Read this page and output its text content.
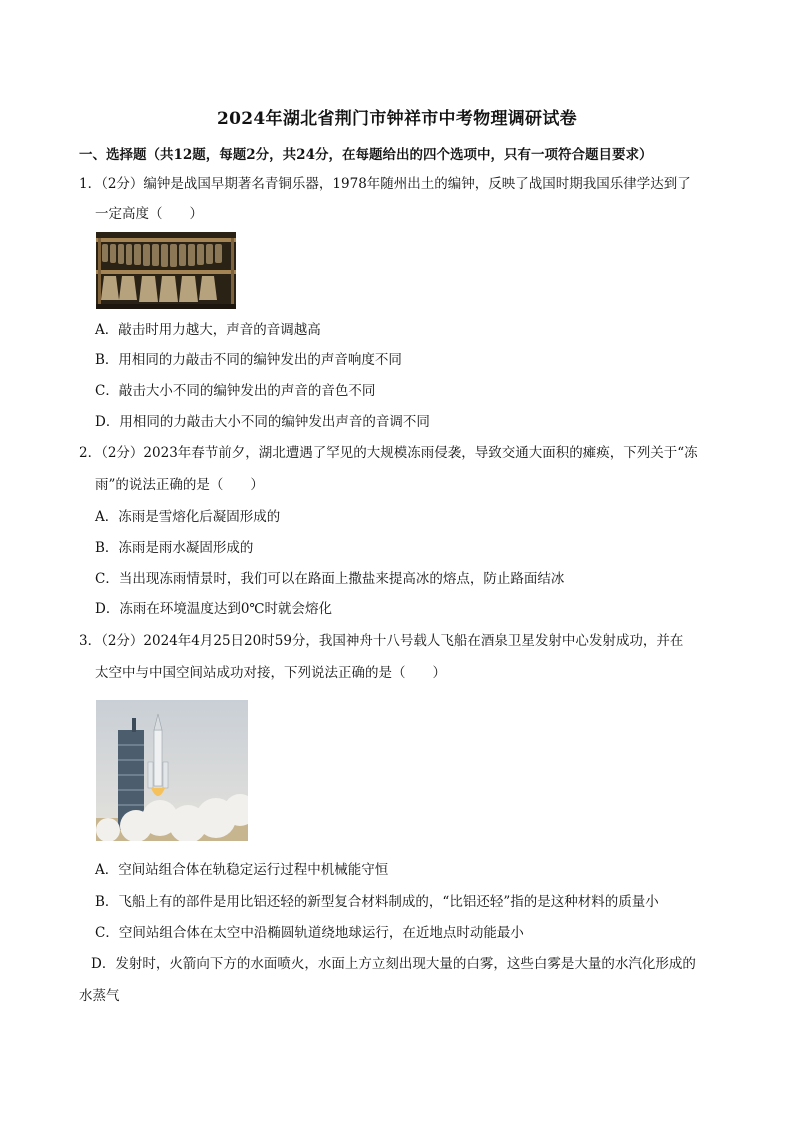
2024年湖北省荆门市钟祥市中考物理调研试卷
一、选择题（共12题，每题2分，共24分，在每题给出的四个选项中，只有一项符合题目要求）
1．（2分）编钟是战国早期著名青铜乐器，1978年随州出土的编钟，反映了战国时期我国乐律学达到了
一定高度（　　）
A．敲击时用力越大，声音的音调越高
B．用相同的力敲击不同的编钟发出的声音响度不同
C．敲击大小不同的编钟发出的声音的音色不同
D．用相同的力敲击大小不同的编钟发出声音的音调不同
2．（2分）2023年春节前夕，湖北遭遇了罕见的大规模冻雨侵袭，导致交通大面积的瘫痪，下列关于“冻
雨”的说法正确的是（　　）
A．冻雨是雪熔化后凝固形成的
B．冻雨是雨水凝固形成的
C．当出现冻雨情景时，我们可以在路面上撒盐来提高冰的熔点，防止路面结冰
D．冻雨在环境温度达到0℃时就会熔化
3．（2分）2024年4月25日20时59分，我国神舟十八号载人飞船在酒泉卫星发射中心发射成功，并在
太空中与中国空间站成功对接，下列说法正确的是（　　）
A．空间站组合体在轨稳定运行过程中机械能守恒
B．飞船上有的部件是用比铝还轻的新型复合材料制成的，“比铝还轻”指的是这种材料的质量小
C．空间站组合体在太空中沿椭圆轨道绕地球运行，在近地点时动能最小
D．发射时，火箭向下方的水面喷火，水面上方立刻出现大量的白雾，这些白雾是大量的水汽化形成的
水蒸气
